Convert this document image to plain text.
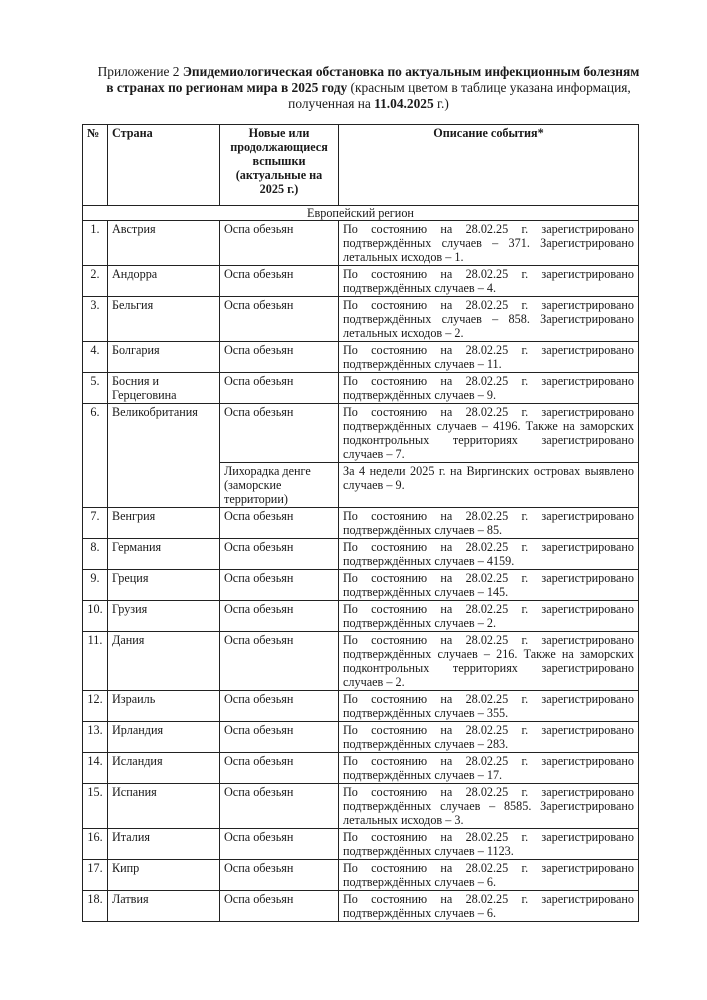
Приложение 2 Эпидемиологическая обстановка по актуальным инфекционным болезням в странах по регионам мира в 2025 году (красным цветом в таблице указана информация, полученная на 11.04.2025 г.)
№	Страна	Новые или продолжающиеся вспышки (актуальные на 2025 г.)	Описание события*
Европейский регион			
1.	Австрия	Оспа обезьян	По состоянию на 28.02.25 г. зарегистрировано подтверждённых случаев – 371. Зарегистрировано летальных исходов – 1.
2.	Андорра	Оспа обезьян	По состоянию на 28.02.25 г. зарегистрировано подтверждённых случаев – 4.
3.	Бельгия	Оспа обезьян	По состоянию на 28.02.25 г. зарегистрировано подтверждённых случаев – 858. Зарегистрировано летальных исходов – 2.
4.	Болгария	Оспа обезьян	По состоянию на 28.02.25 г. зарегистрировано подтверждённых случаев – 11.
5.	Босния и Герцеговина	Оспа обезьян	По состоянию на 28.02.25 г. зарегистрировано подтверждённых случаев – 9.
6.	Великобритания	Оспа обезьян	По состоянию на 28.02.25 г. зарегистрировано подтверждённых случаев – 4196. Также на заморских подконтрольных территориях зарегистрировано случаев – 7.
		Лихорадка денге (заморские территории)	За 4 недели 2025 г. на Виргинских островах выявлено случаев – 9.
7.	Венгрия	Оспа обезьян	По состоянию на 28.02.25 г. зарегистрировано подтверждённых случаев – 85.
8.	Германия	Оспа обезьян	По состоянию на 28.02.25 г. зарегистрировано подтверждённых случаев – 4159.
9.	Греция	Оспа обезьян	По состоянию на 28.02.25 г. зарегистрировано подтверждённых случаев – 145.
10.	Грузия	Оспа обезьян	По состоянию на 28.02.25 г. зарегистрировано подтверждённых случаев – 2.
11.	Дания	Оспа обезьян	По состоянию на 28.02.25 г. зарегистрировано подтверждённых случаев – 216. Также на заморских подконтрольных территориях зарегистрировано случаев – 2.
12.	Израиль	Оспа обезьян	По состоянию на 28.02.25 г. зарегистрировано подтверждённых случаев – 355.
13.	Ирландия	Оспа обезьян	По состоянию на 28.02.25 г. зарегистрировано подтверждённых случаев – 283.
14.	Исландия	Оспа обезьян	По состоянию на 28.02.25 г. зарегистрировано подтверждённых случаев – 17.
15.	Испания	Оспа обезьян	По состоянию на 28.02.25 г. зарегистрировано подтверждённых случаев – 8585. Зарегистрировано летальных исходов – 3.
16.	Италия	Оспа обезьян	По состоянию на 28.02.25 г. зарегистрировано подтверждённых случаев – 1123.
17.	Кипр	Оспа обезьян	По состоянию на 28.02.25 г. зарегистрировано подтверждённых случаев – 6.
18.	Латвия	Оспа обезьян	По состоянию на 28.02.25 г. зарегистрировано подтверждённых случаев – 6.
